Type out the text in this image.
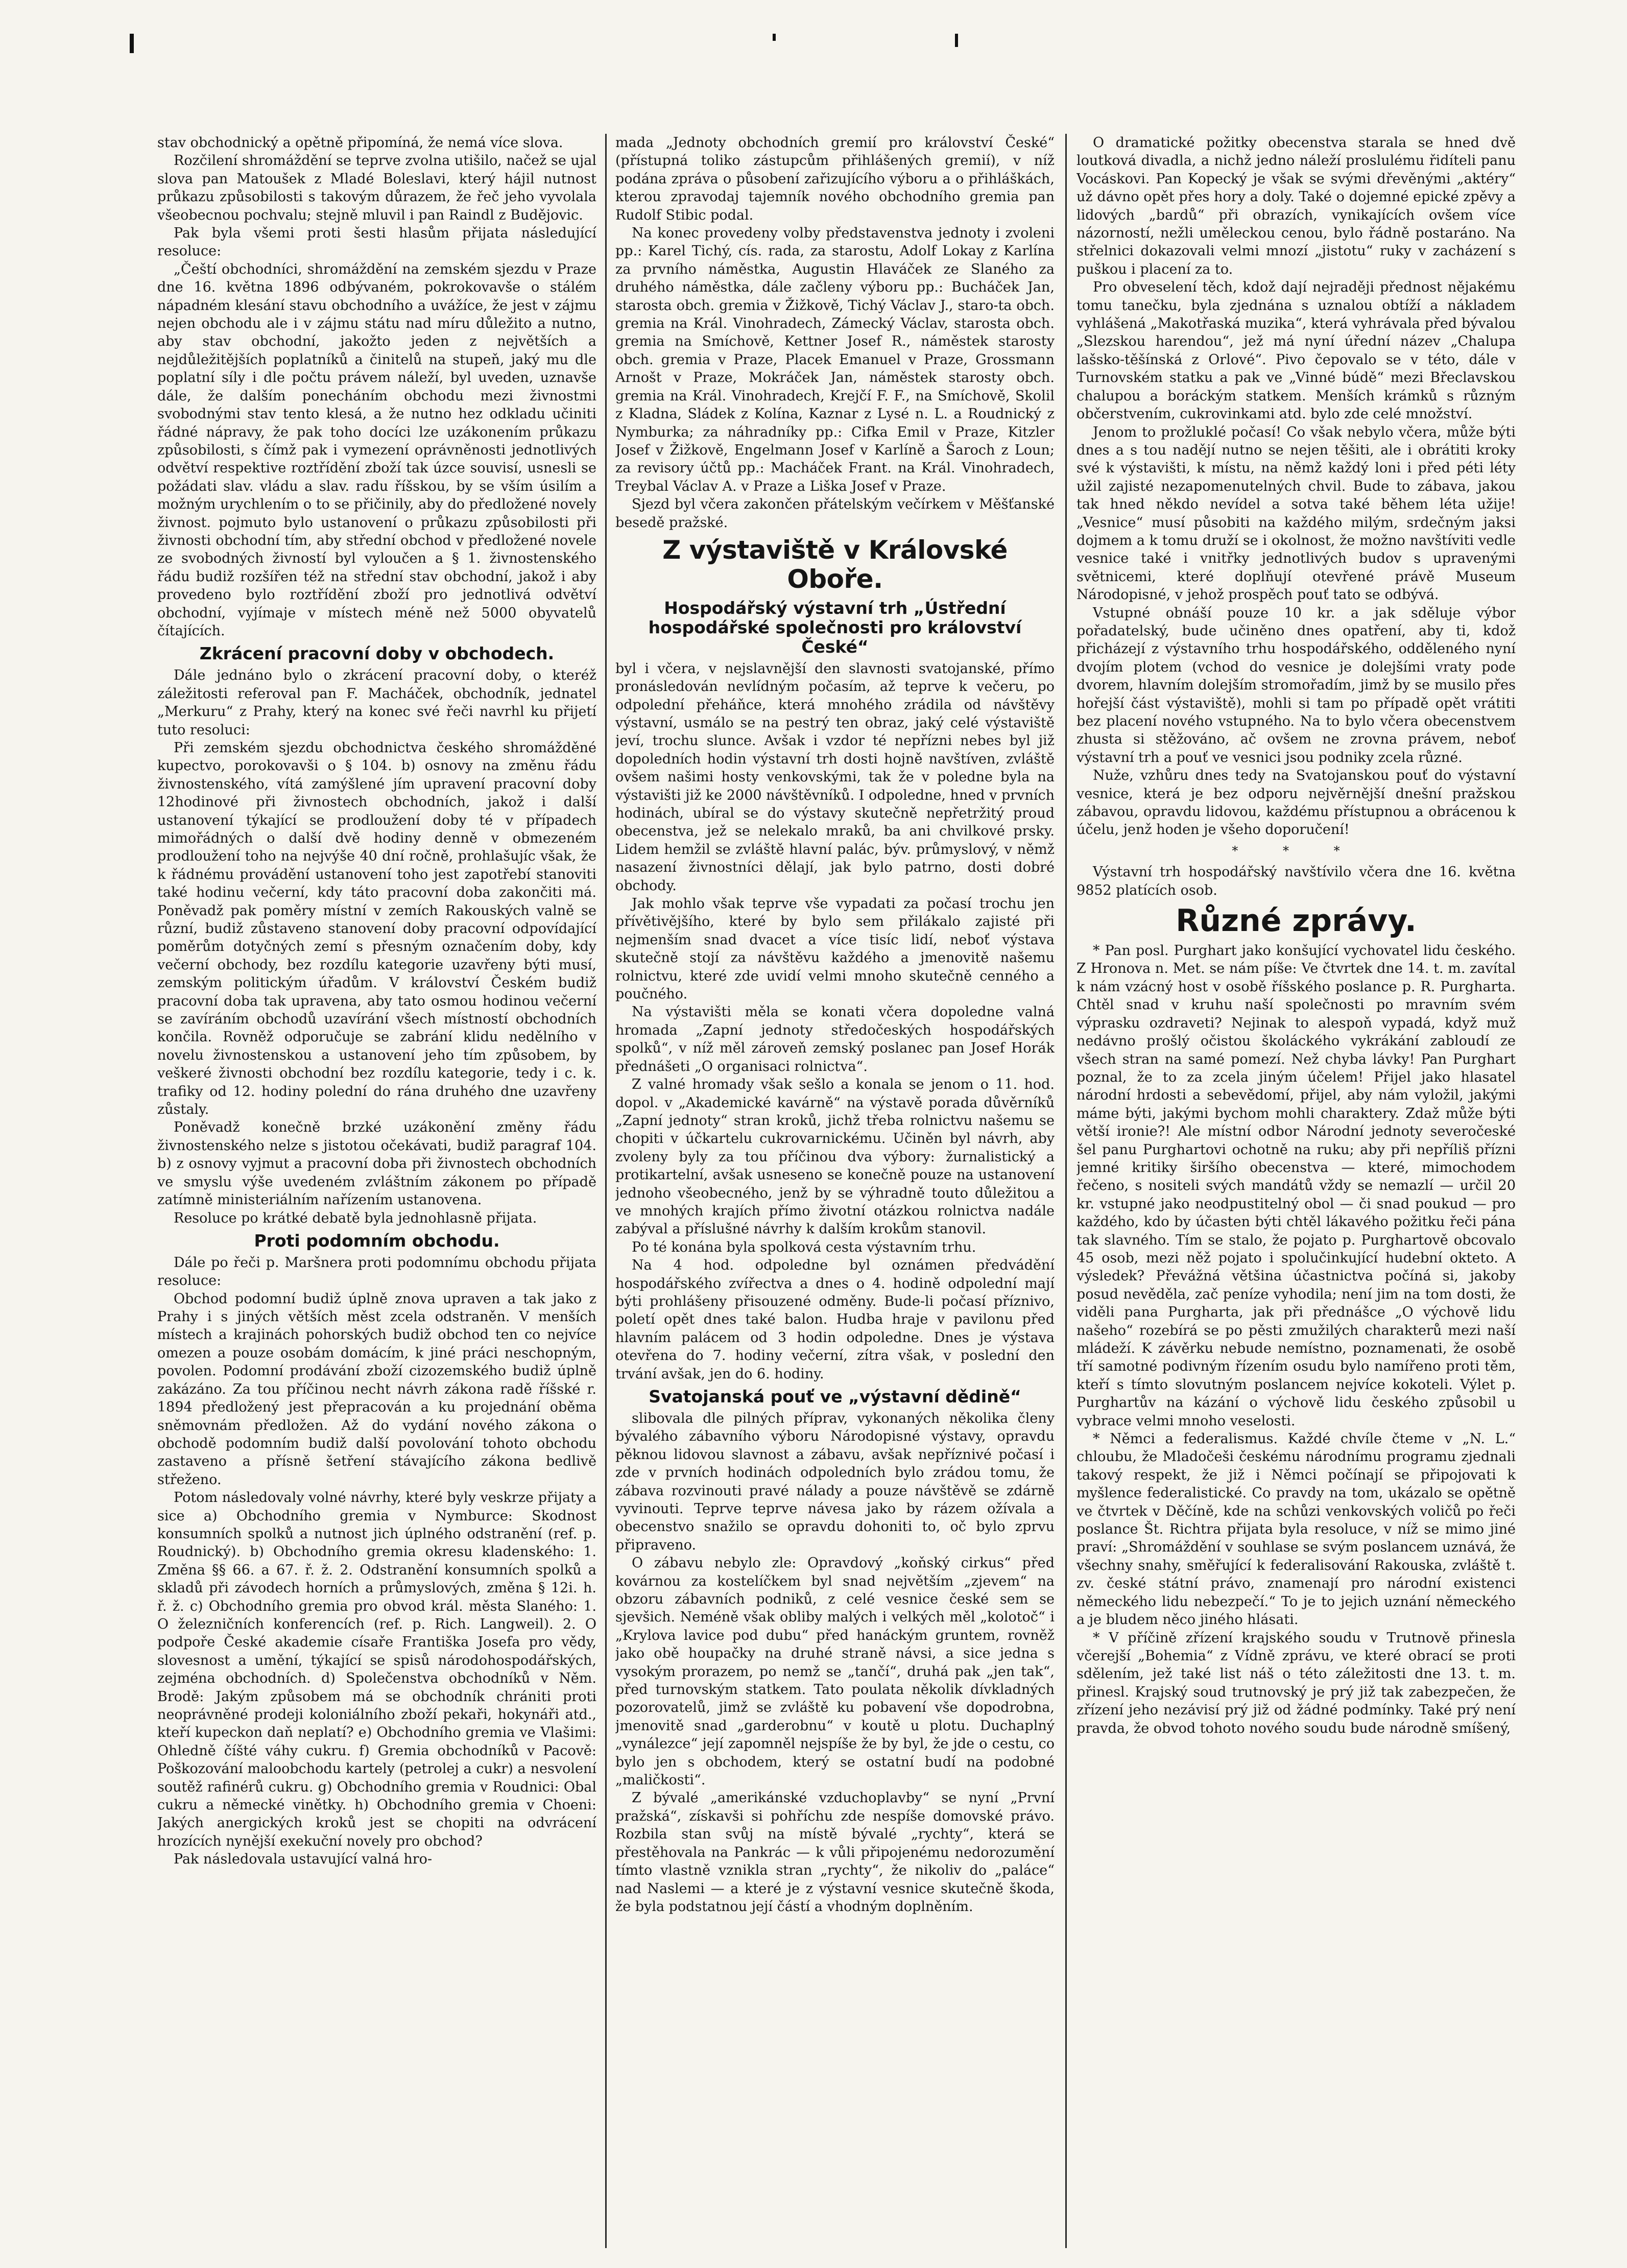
stav obchodnický a opětně připomíná, že nemá více slova.

Rozčilení shromáždění se teprve zvolna utišilo, načež se ujal slova pan Matoušek z Mladé Boleslavi, který hájil nutnost průkazu způsobilosti s takovým důrazem, že řeč jeho vyvolala všeobecnou pochvalu; stejně mluvil i pan Raindl z Budějovic.

Pak byla všemi proti šesti hlasům přijata následující resoluce:

„Čeští obchodníci, shromáždění na zemském sjezdu v Praze dne 16. května 1896 odbývaném, pokrokovavše o stálém nápadném klesání stavu obchodního a uvážíce, že jest v zájmu nejen obchodu ale i v zájmu státu nad míru důležito a nutno, aby stav obchodní, jakožto jeden z největších a nejdůležitějších poplatníků a činitelů na stupeň, jaký mu dle poplatní síly i dle počtu právem náleží, byl uveden, uznavše dále, že dalším ponecháním obchodu mezi živnostmi svobodnými stav tento klesá, a že nutno hez odkladu učiniti řádné nápravy, že pak toho docíci lze uzákonením průkazu způsobilosti, s čímž pak i vymezení oprávněnosti jednotlivých odvětví respektive roztřídění zboží tak úzce souvisí, usnesli se požádati slav. vládu a slav. radu říšskou, by se vším úsilím a možným urychlením o to se přičinily, aby do předložené novely živnost. pojmuto bylo ustanovení o průkazu způsobilosti při živnosti obchodní tím, aby střední obchod v předložené novele ze svobodných živností byl vyloučen a § 1. živnostenského řádu budiž rozšířen též na střední stav obchodní, jakož i aby provedeno bylo roztřídění zboží pro jednotlivá odvětví obchodní, vyjímaje v místech méně než 5000 obyvatelů čítajících.

Zkrácení pracovní doby v obchodech.

Dále jednáno bylo o zkrácení pracovní doby, o kteréž záležitosti referoval pan F. Macháček, obchodník, jednatel „Merkuru“ z Prahy, který na konec své řeči navrhl ku přijetí tuto resoluci:

Při zemském sjezdu obchodnictva českého shromážděné kupectvo, porokovavši o § 104. b) osnovy na změnu řádu živnostenského, vítá zamýšlené jím upravení pracovní doby 12hodinové při živnostech obchodních, jakož i další ustanovení týkající se prodloužení doby té v případech mimořádných o další dvě hodiny denně v obmezeném prodloužení toho na nejvýše 40 dní ročně, prohlašujíc však, že k řádnému provádění ustanovení toho jest zapotřebí stanoviti také hodinu večerní, kdy táto pracovní doba zakončiti má. Poněvadž pak poměry místní v zemích Rakouských valně se různí, budiž zůstaveno stanovení doby pracovní odpovídající poměrům dotyčných zemí s přesným označením doby, kdy večerní obchody, bez rozdílu kategorie uzavřeny býti musí, zemským politickým úřadům. V království Českém budiž pracovní doba tak upravena, aby tato osmou hodinou večerní se zavíráním obchodů uzavírání všech místností obchodních končila. Rovněž odporučuje se zabrání klidu nedělního v novelu živnostenskou a ustanovení jeho tím způsobem, by veškeré živnosti obchodní bez rozdílu kategorie, tedy i c. k. trafiky od 12. hodiny polední do rána druhého dne uzavřeny zůstaly.

Poněvadž konečně brzké uzákonění změny řádu živnostenského nelze s jistotou očekávati, budiž paragraf 104. b) z osnovy vyjmut a pracovní doba při živnostech obchodních ve smyslu výše uvedeném zvláštním zákonem po případě zatímně ministeriálním nařízením ustanovena.

Resoluce po krátké debatě byla jednohlasně přijata.

Proti podomním obchodu.

Dále po řeči p. Maršnera proti podomnímu obchodu přijata resoluce:

Obchod podomní budiž úplně znova upraven a tak jako z Prahy i s jiných větších měst zcela odstraněn. V menších místech a krajinách pohorských budiž obchod ten co nejvíce omezen a pouze osobám domácím, k jiné práci neschopným, povolen. Podomní prodávání zboží cizozemského budiž úplně zakázáno. Za tou příčinou necht návrh zákona radě říšské r. 1894 předložený jest přepracován a ku projednání oběma sněmovnám předložen. Až do vydání nového zákona o obchodě podomním budiž další povolování tohoto obchodu zastaveno a přísně šetření stávajícího zákona bedlivě střeženo.

Potom následovaly volné návrhy, které byly veskrze přijaty a sice a) Obchodního gremia v Nymburce: Skodnost konsumních spolků a nutnost jich úplného odstranění (ref. p. Roudnický). b) Obchodního gremia okresu kladenského: 1. Změna §§ 66. a 67. ř. ž. 2. Odstranění konsumních spolků a skladů při závodech horních a průmyslových, změna § 12i. h. ř. ž. c) Obchodního gremia pro obvod král. města Slaného: 1. O železničních konferencích (ref. p. Rich. Langweil). 2. O podpoře České akademie císaře Františka Josefa pro vědy, slovesnost a umění, týkající se spisů národohospodářských, zejména obchodních. d) Společenstva obchodníků v Něm. Brodě: Jakým způsobem má se obchodník chrániti proti neoprávněné prodeji koloniálního zboží pekaři, hokynáři atd., kteří kupeckon daň neplatí? e) Obchodního gremia ve Vlašimi: Ohledně číšté váhy cukru. f) Gremia obchodníků v Pacově: Poškozování maloobchodu kartely (petrolej a cukr) a nesvolení soutěž rafinérů cukru. g) Obchodního gremia v Roudnici: Obal cukru a německé vinětky. h) Obchodního gremia v Choeni: Jakých anergických kroků jest se chopiti na odvrácení hrozících nynější exekuční novely pro obchod?

Pak následovala ustavující valná hro-

mada „Jednoty obchodních gremií pro království České“ (přístupná toliko zástupcům přihlášených gremií), v níž podána zpráva o působení zařizujícího výboru a o přihláškách, kterou zpravodaj tajemník nového obchodního gremia pan Rudolf Stibic podal.

Na konec provedeny volby představenstva jednoty i zvoleni pp.: Karel Tichý, cís. rada, za starostu, Adolf Lokay z Karlína za prvního náměstka, Augustin Hlaváček ze Slaného za druhého náměstka, dále začleny výboru pp.: Bucháček Jan, starosta obch. gremia v Žižkově, Tichý Václav J., staro-ta obch. gremia na Král. Vinohradech, Zámecký Václav, starosta obch. gremia na Smíchově, Kettner Josef R., náměstek starosty obch. gremia v Praze, Placek Emanuel v Praze, Grossmann Arnošt v Praze, Mokráček Jan, náměstek starosty obch. gremia na Král. Vinohradech, Krejčí F. F., na Smíchově, Skolil z Kladna, Sládek z Kolína, Kaznar z Lysé n. L. a Roudnický z Nymburka; za náhradníky pp.: Cifka Emil v Praze, Kitzler Josef v Žižkově, Engelmann Josef v Karlíně a Šaroch z Loun; za revisory účtů pp.: Macháček Frant. na Král. Vinohradech, Treybal Václav A. v Praze a Liška Josef v Praze.

Sjezd byl včera zakončen přátelským večírkem v Měšťanské besedě pražské.

Z výstaviště v Královské Oboře.
Hospodářský výstavní trh „Ústřední hospodářské společnosti pro království České“

byl i včera, v nejslavnější den slavnosti svatojanské, přímo pronásledován nevlídným počasím, až teprve k večeru, po odpolední přeháňce, která mnohého zrádila od návštěvy výstavní, usmálo se na pestrý ten obraz, jaký celé výstaviště jeví, trochu slunce. Avšak i vzdor té nepřízni nebes byl již dopoledních hodin výstavní trh dosti hojně navštíven, zvláště ovšem našimi hosty venkovskými, tak že v poledne byla na výstavišti již ke 2000 návštěvníků. I odpoledne, hned v prvních hodinách, ubíral se do výstavy skutečně nepřetržitý proud obecenstva, jež se nelekalo mraků, ba ani chvilkové prsky. Lidem hemžil se zvláště hlavní palác, býv. průmyslový, v němž nasazení živnostníci dělají, jak bylo patrno, dosti dobré obchody.

Jak mohlo však teprve vše vypadati za počasí trochu jen přívětivějšího, které by bylo sem přilákalo zajisté při nejmenším snad dvacet a více tisíc lidí, neboť výstava skutečně stojí za návštěvu každého a jmenovitě našemu rolnictvu, které zde uvidí velmi mnoho skutečně cenného a poučného.

Na výstavišti měla se konati včera dopoledne valná hromada „Zapní jednoty středočeských hospodářských spolků“, v níž měl zároveň zemský poslanec pan Josef Horák přednášeti „O organisaci rolnictva“.

Z valné hromady však sešlo a konala se jenom o 11. hod. dopol. v „Akademické kavárně“ na výstavě porada důvěrníků „Zapní jednoty“ stran kroků, jichž třeba rolnictvu našemu se chopiti v účkartelu cukrovarnickému. Učiněn byl návrh, aby zvoleny byly za tou příčinou dva výbory: žurnalistický a protikartelní, avšak usneseno se konečně pouze na ustanovení jednoho všeobecného, jenž by se výhradně touto důležitou a ve mnohých krajích přímo životní otázkou rolnictva nadále zabýval a příslušné návrhy k dalším krokům stanovil.

Po té konána byla spolková cesta výstavním trhu.

Na 4 hod. odpoledne byl oznámen předvádění hospodářského zvířectva a dnes o 4. hodině odpolední mají býti prohlášeny přisouzené odměny. Bude-li počasí příznivo, poletí opět dnes také balon. Hudba hraje v pavilonu před hlavním palácem od 3 hodin odpoledne. Dnes je výstava otevřena do 7. hodiny večerní, zítra však, v poslední den trvání avšak, jen do 6. hodiny.

Svatojanská pouť ve „výstavní dědině“

slibovala dle pilných příprav, vykonaných několika členy bývalého zábavního výboru Národopisné výstavy, opravdu pěknou lidovou slavnost a zábavu, avšak nepříznivé počasí i zde v prvních hodinách odpoledních bylo zrádou tomu, že zábava rozvinouti pravé nálady a pouze návštěvě se zdárně vyvinouti. Teprve teprve návesa jako by rázem ožívala a obecenstvo snažilo se opravdu dohoniti to, oč bylo zprvu připraveno.

O zábavu nebylo zle: Opravdový „koňský cirkus“ před kovárnou za kostelíčkem byl snad největším „zjevem“ na obzoru zábavních podniků, z celé vesnice české sem se sjevšich. Neméně však obliby malých i velkých měl „kolotoč“ i „Krylova lavice pod dubu“ před hanáckým gruntem, rovněž jako obě houpačky na druhé straně návsi, a sice jedna s vysokým prorazem, po nemž se „tančí“, druhá pak „jen tak“, před turnovským statkem. Tato poulata několik dívkladných pozorovatelů, jimž se zvláště ku pobavení vše dopodrobna, jmenovitě snad „garderobnu“ v koutě u plotu. Duchaplný „vynálezce“ její zapomněl nejspíše že by byl, že jde o cestu, co bylo jen s obchodem, který se ostatní budí na podobné „maličkosti“.

Z bývalé „amerikánské vzduchoplavby“ se nyní „První pražská“, získavši si pohříchu zde nespíše domovské právo. Rozbila stan svůj na místě bývalé „rychty“, která se přestěhovala na Pankrác — k vůli připojenému nedorozumění tímto vlastně vznikla stran „rychty“, že nikoliv do „paláce“ nad Naslemi — a které je z výstavní vesnice skutečně škoda, že byla podstatnou její částí a vhodným doplněním.

O dramatické požitky obecenstva starala se hned dvě loutková divadla, a nichž jedno náleží proslulému řidíteli panu Vocáskovi. Pan Kopecký je však se svými dřevěnými „aktéry“ už dávno opět přes hory a doly. Také o dojemné epické zpěvy a lidových „bardů“ při obrazích, vynikajících ovšem více názorností, nežli uměleckou cenou, bylo řádně postaráno. Na střelnici dokazovali velmi mnozí „jistotu“ ruky v zacházení s puškou i placení za to.

Pro obveselení těch, kdož dají nejraději přednost nějakému tomu tanečku, byla zjednána s uznalou obtíží a nákladem vyhlášená „Makotřaská muzika“, která vyhrávala před bývalou „Slezskou harendou“, jež má nyní úřední název „Chalupa lašsko-těšínská z Orlové“. Pivo čepovalo se v této, dále v Turnovském statku a pak ve „Vinné búdě“ mezi Břeclavskou chalupou a boráckým statkem. Menších krámků s různým občerstvením, cukrovinkami atd. bylo zde celé množství.

Jenom to prožluklé počasí! Co však nebylo včera, může býti dnes a s tou nadějí nutno se nejen těšiti, ale i obrátiti kroky své k výstavišti, k místu, na němž každý loni i před péti léty užil zajisté nezapomenutelných chvil. Bude to zábava, jakou tak hned někdo nevídel a sotva také během léta užije! „Vesnice“ musí působiti na každého milým, srdečným jaksi dojmem a k tomu druží se i okolnost, že možno navštíviti vedle vesnice také i vnitřky jednotlivých budov s upravenými světnicemi, které doplňují otevřené právě Museum Národopisné, v jehož prospěch pouť tato se odbývá.

Vstupné obnáší pouze 10 kr. a jak sděluje výbor pořadatelský, bude učiněno dnes opatření, aby ti, kdož přicházejí z výstavního trhu hospodářského, odděleného nyní dvojím plotem (vchod do vesnice je dolejšími vraty pode dvorem, hlavním dolejším stromořadím, jimž by se musilo přes hořejší část výstaviště), mohli si tam po případě opět vrátiti bez placení nového vstupného. Na to bylo včera obecenstvem zhusta si stěžováno, ač ovšem ne zrovna právem, neboť výstavní trh a pouť ve vesnici jsou podniky zcela různé.

Nuže, vzhůru dnes tedy na Svatojanskou pouť do výstavní vesnice, která je bez odporu nejvěrnější dnešní pražskou zábavou, opravdu lidovou, každému přístupnou a obrácenou k účelu, jenž hoden je všeho doporučení!

* * *

Výstavní trh hospodářský navštívilo včera dne 16. května 9852 platících osob.

Různé zprávy.

* Pan posl. Purghart jako konšující vychovatel lidu českého. Z Hronova n. Met. se nám píše: Ve čtvrtek dne 14. t. m. zavítal k nám vzácný host v osobě říšského poslance p. R. Purgharta. Chtěl snad v kruhu naší společnosti po mravním svém výprasku ozdraveti? Nejinak to alespoň vypadá, když muž nedávno prošlý očistou školáckého vykrákání zabloudí ze všech stran na samé pomezí. Než chyba lávky! Pan Purghart poznal, že to za zcela jiným účelem! Přijel jako hlasatel národní hrdosti a sebevědomí, přijel, aby nám vyložil, jakými máme býti, jakými bychom mohli charaktery. Zdaž může býti větší ironie?! Ale místní odbor Národní jednoty severočeské šel panu Purghartovi ochotně na ruku; aby při nepříliš přízni jemné kritiky širšího obecenstva — které, mimochodem řečeno, s nositeli svých mandátů vždy se nemazlí — určil 20 kr. vstupné jako neodpustitelný obol — či snad poukud — pro každého, kdo by účasten býti chtěl lákavého požitku řeči pána tak slavného. Tím se stalo, že pojato p. Purghartově obcovalo 45 osob, mezi něž pojato i spolučinkující hudební okteto. A výsledek? Převážná většina účastnictva počíná si, jakoby posud nevěděla, zač peníze vyhodila; není jim na tom dosti, že viděli pana Purgharta, jak při přednášce „O výchově lidu našeho“ rozebírá se po pěsti zmužilých charakterů mezi naší mládeží. K závěrku nebude nemístno, poznamenati, že osobě tří samotné podivným řízením osudu bylo namířeno proti těm, kteří s tímto slovutným poslancem nejvíce kokoteli. Výlet p. Purghartův na kázání o výchově lidu českého způsobil u vybrace velmi mnoho veselosti.

* Němci a federalismus. Každé chvíle čteme v „N. L.“ chloubu, že Mladočeši českému národnímu programu zjednali takový respekt, že již i Němci počínají se připojovati k myšlence federalistické. Co pravdy na tom, ukázalo se opětně ve čtvrtek v Děčíně, kde na schůzi venkovských voličů po řeči poslance Št. Richtra přijata byla resoluce, v níž se mimo jiné praví: „Shromáždění v souhlase se svým poslancem uznává, že všechny snahy, směřující k federalisování Rakouska, zvláště t. zv. české státní právo, znamenají pro národní existenci německého lidu nebezpečí.“ To je to jejich uznání německého a je bludem něco jiného hlásati.

* V příčině zřízení krajského soudu v Trutnově přinesla včerejší „Bohemia“ z Vídně zprávu, ve které obrací se proti sdělením, jež také list náš o této záležitosti dne 13. t. m. přinesl. Krajský soud trutnovský je prý již tak zabezpečen, že zřízení jeho nezávisí prý již od žádné podmínky. Také prý není pravda, že obvod tohoto nového soudu bude národně smíšený,
